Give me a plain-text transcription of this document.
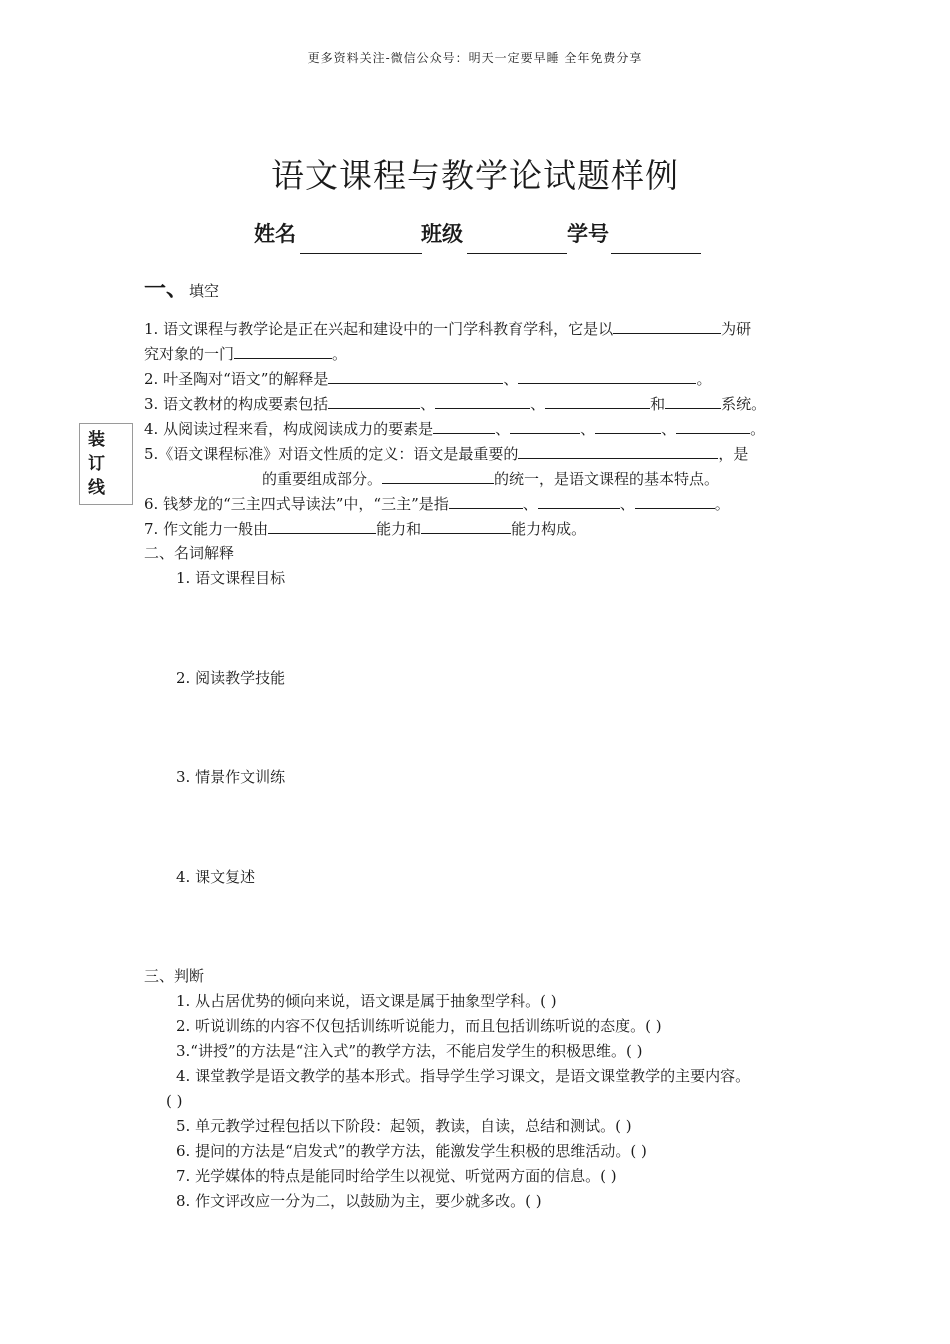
更多资料关注-微信公众号：明天一定要早睡 全年免费分享
语文课程与教学论试题样例
姓名	班级	学号
装
订
线
一、 填空
1. 语文课程与教学论是正在兴起和建设中的一门学科教育学科，它是以	为研
究对象的一门	。
2. 叶圣陶对“语文”的解释是	、	。
3. 语文教材的构成要素包括	、	、	和	系统。
4. 从阅读过程来看，构成阅读成力的要素是	、	、	、	。
5.《语文课程标准》对语文性质的定义：语文是最重要的	，是
的重要组成部分。	的统一，是语文课程的基本特点。
6. 钱梦龙的“三主四式导读法”中，“三主”是指	、	、	。
7. 作文能力一般由	能力和	能力构成。
二、名词解释
1. 语文课程目标
2. 阅读教学技能
3. 情景作文训练
4. 课文复述
三、判断
1. 从占居优势的倾向来说，语文课是属于抽象型学科。( )
2. 听说训练的内容不仅包括训练听说能力，而且包括训练听说的态度。( )
3.“讲授”的方法是“注入式”的教学方法，不能启发学生的积极思维。( )
4. 课堂教学是语文教学的基本形式。指导学生学习课文，是语文课堂教学的主要内容。
( )
5. 单元教学过程包括以下阶段：起领，教读，自读，总结和测试。( )
6. 提问的方法是“启发式”的教学方法，能激发学生积极的思维活动。( )
7. 光学媒体的特点是能同时给学生以视觉、听觉两方面的信息。( )
8. 作文评改应一分为二，以鼓励为主，要少就多改。( )
